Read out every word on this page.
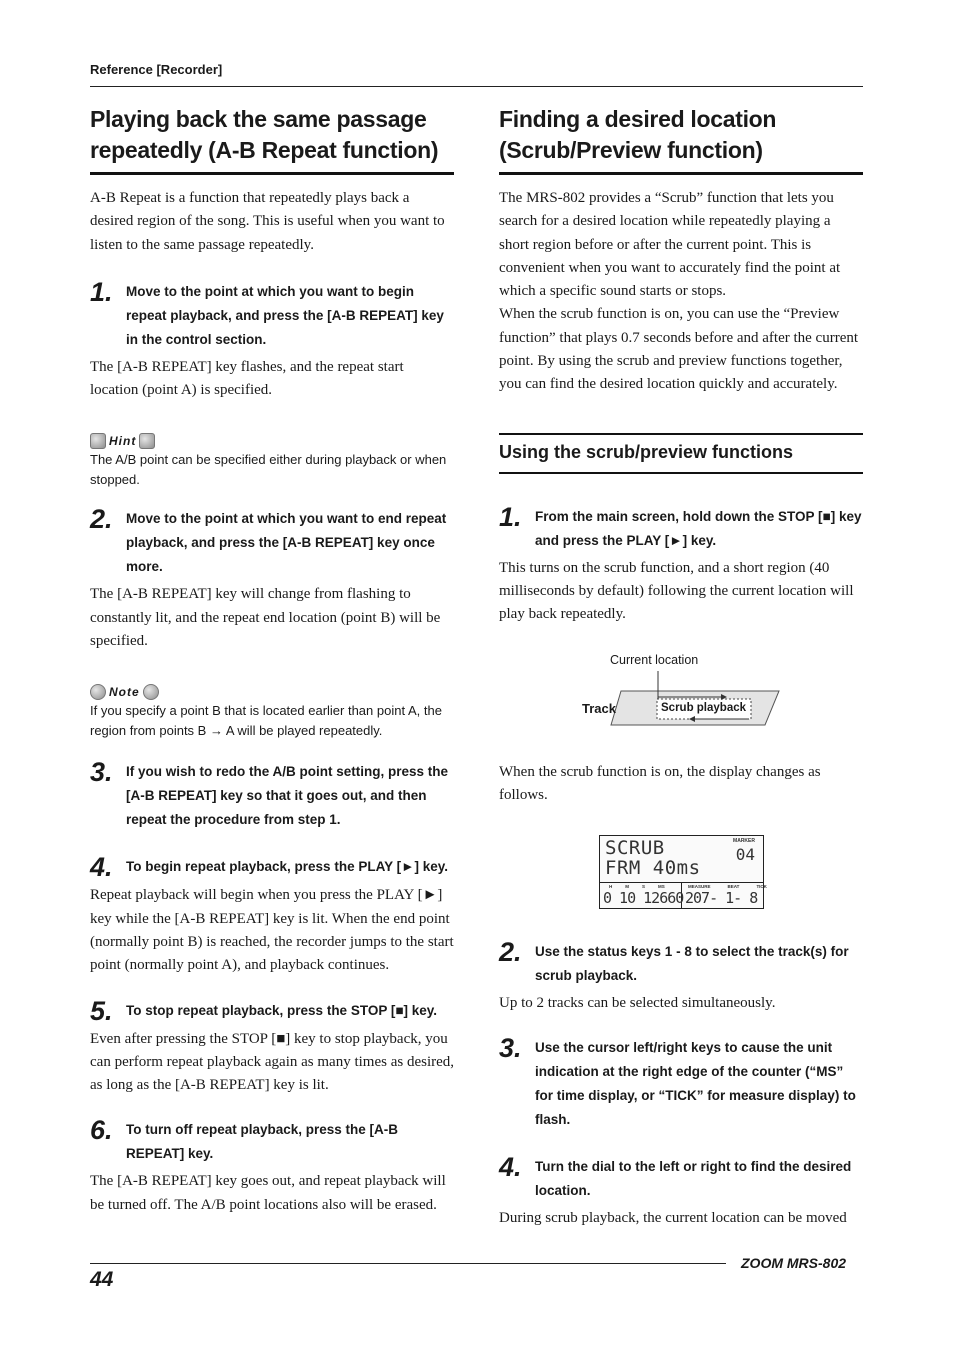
Reference [Recorder]
Playing back the same passage repeatedly (A-B Repeat function)

A-B Repeat is a function that repeatedly plays back a desired region of the song. This is useful when you want to listen to the same passage repeatedly.

1. Move to the point at which you want to begin repeat playback, and press the [A-B REPEAT] key in the control section.

The [A-B REPEAT] key flashes, and the repeat start location (point A) is specified.

Hint

The A/B point can be specified either during playback or when stopped.

2. Move to the point at which you want to end repeat playback, and press the [A-B REPEAT] key once more.

The [A-B REPEAT] key will change from flashing to constantly lit, and the repeat end location (point B) will be specified.

Note

If you specify a point B that is located earlier than point A, the region from points B → A will be played repeatedly.

3. If you wish to redo the A/B point setting, press the [A-B REPEAT] key so that it goes out, and then repeat the procedure from step 1.

4. To begin repeat playback, press the PLAY [►] key.

Repeat playback will begin when you press the PLAY [►] key while the [A-B REPEAT] key is lit. When the end point (normally point B) is reached, the recorder jumps to the start point (normally point A), and playback continues.

5. To stop repeat playback, press the STOP [■] key.

Even after pressing the STOP [■] key to stop playback, you can perform repeat playback again as many times as desired, as long as the [A-B REPEAT] key is lit.

6. To turn off repeat playback, press the [A-B REPEAT] key.

The [A-B REPEAT] key goes out, and repeat playback will be turned off. The A/B point locations also will be erased.

Finding a desired location (Scrub/Preview function)

The MRS-802 provides a “Scrub” function that lets you search for a desired location while repeatedly playing a short region before or after the current point. This is convenient when you want to accurately find the point at which a specific sound starts or stops.
When the scrub function is on, you can use the “Preview function” that plays 0.7 seconds before and after the current point. By using the scrub and preview functions together, you can find the desired location quickly and accurately.

Using the scrub/preview functions
1. From the main screen, hold down the STOP [■] key and press the PLAY [►] key.

This turns on the scrub function, and a short region (40 milliseconds by default) following the current location will play back repeatedly.

Current location
Track	Scrub playback

When the scrub function is on, the display changes as follows.

SCRUB
FRM 40ms
MARKER
04
H	M	S	MS
0 10 12660
MEASURE	BEAT	TICK
207- 1- 8
2. Use the status keys 1 - 8 to select the track(s) for scrub playback.

Up to 2 tracks can be selected simultaneously.

3. Use the cursor left/right keys to cause the unit indication at the right edge of the counter (“MS” for time display, or “TICK” for measure display) to flash.

4. Turn the dial to the left or right to find the desired location.

During scrub playback, the current location can be moved

44
ZOOM MRS-802
